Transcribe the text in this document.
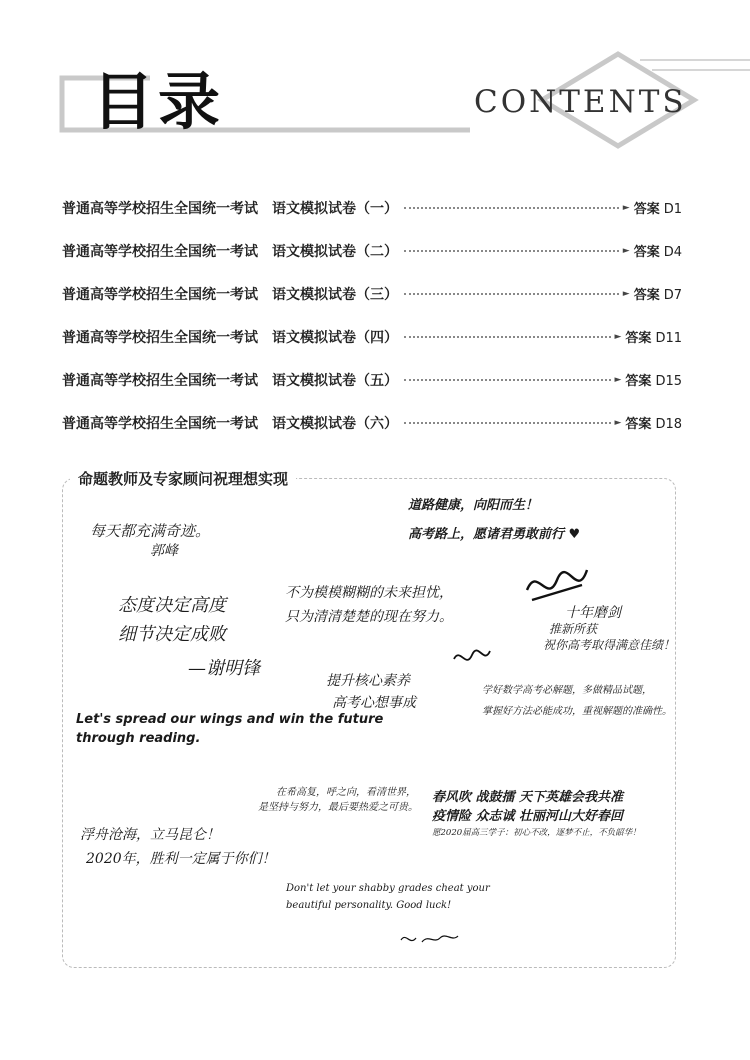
目录	CONTENTS
普通高等学校招生全国统一考试 语文模拟试卷（一）	► 答案 D1
普通高等学校招生全国统一考试 语文模拟试卷（二）	► 答案 D4
普通高等学校招生全国统一考试 语文模拟试卷（三）	► 答案 D7
普通高等学校招生全国统一考试 语文模拟试卷（四）	► 答案 D11
普通高等学校招生全国统一考试 语文模拟试卷（五）	► 答案 D15
普通高等学校招生全国统一考试 语文模拟试卷（六）	► 答案 D18
命题教师及专家顾问祝理想实现
每天都充满奇迹。
郭峰
道路健康，向阳而生！
高考路上，愿诸君勇敢前行 ♥
不为模模糊糊的未来担忧，
只为清清楚楚的现在努力。
态度决定高度
细节决定成败
—谢明锋
十年磨剑
推新所获
祝你高考取得满意佳绩！
提升核心素养
高考心想事成
学好数学高考必解题，多做精品试题，
掌握好方法必能成功，重视解题的准确性。
Let's spread our wings and win the future
through reading.
春风吹 战鼓擂 天下英雄会我共准
疫情险 众志诚 壮丽河山大好春回
愿2020届高三学子：初心不改，逐梦不止，不负韶华！
在希高复，呼之向，看清世界，
是坚持与努力，最后要热爱之可贵。
浮舟沧海，立马昆仑！
2020年，胜利一定属于你们！
Don't let your shabby grades cheat your
beautiful personality. Good luck!
